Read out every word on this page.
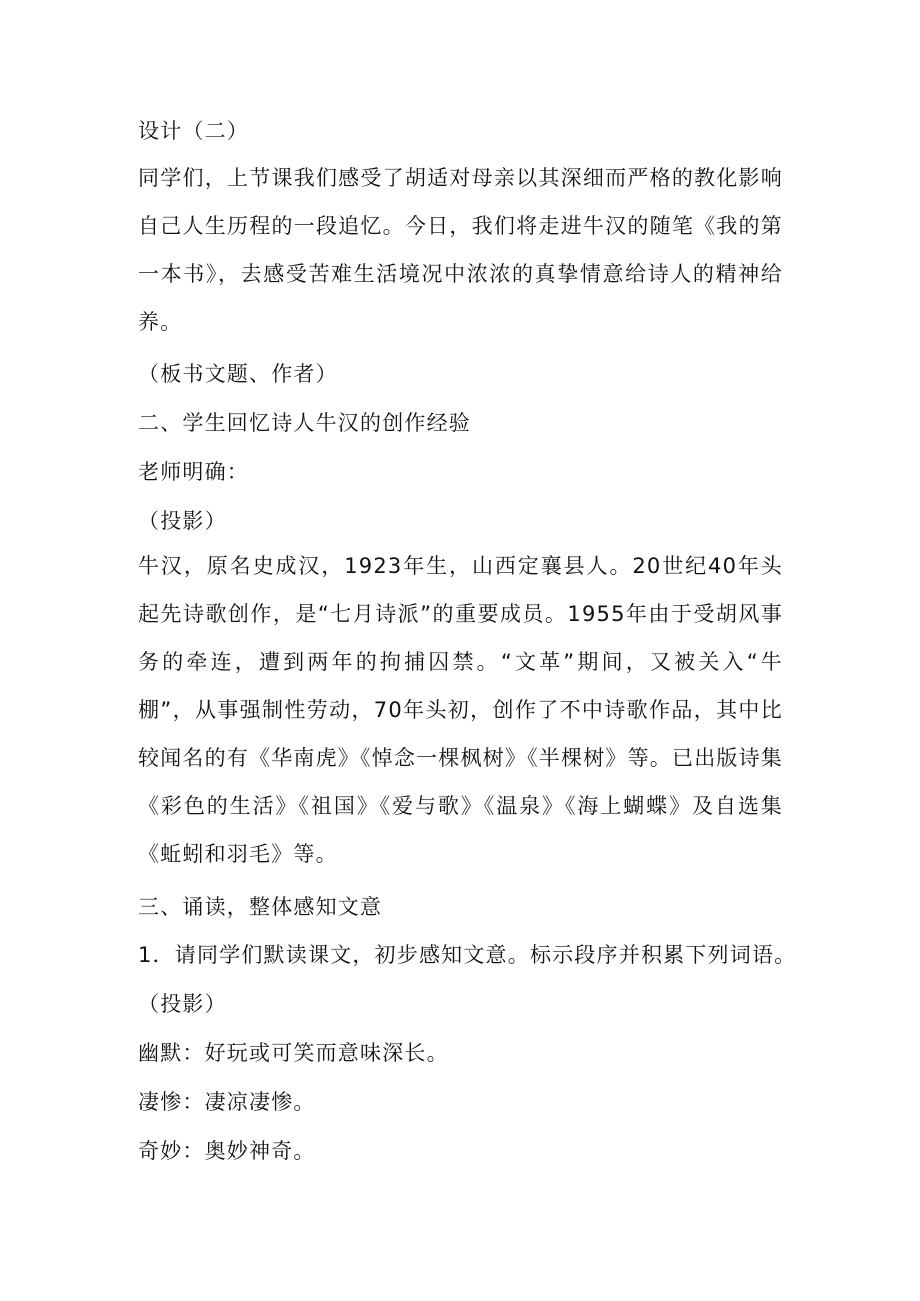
设计（二）
同学们，上节课我们感受了胡适对母亲以其深细而严格的教化影响自己人生历程的一段追忆。今日，我们将走进牛汉的随笔《我的第一本书》，去感受苦难生活境况中浓浓的真挚情意给诗人的精神给养。
（板书文题、作者）
二、学生回忆诗人牛汉的创作经验
老师明确：
（投影）
牛汉，原名史成汉，1923年生，山西定襄县人。20世纪40年头起先诗歌创作，是“七月诗派”的重要成员。1955年由于受胡风事务的牵连，遭到两年的拘捕囚禁。“文革”期间，又被关入“牛棚”，从事强制性劳动，70年头初，创作了不中诗歌作品，其中比较闻名的有《华南虎》《悼念一棵枫树》《半棵树》等。已出版诗集《彩色的生活》《祖国》《爱与歌》《温泉》《海上蝴蝶》及自选集《蚯蚓和羽毛》等。
三、诵读，整体感知文意
1．请同学们默读课文，初步感知文意。标示段序并积累下列词语。
（投影）
幽默：好玩或可笑而意味深长。
凄惨：凄凉凄惨。
奇妙：奥妙神奇。
